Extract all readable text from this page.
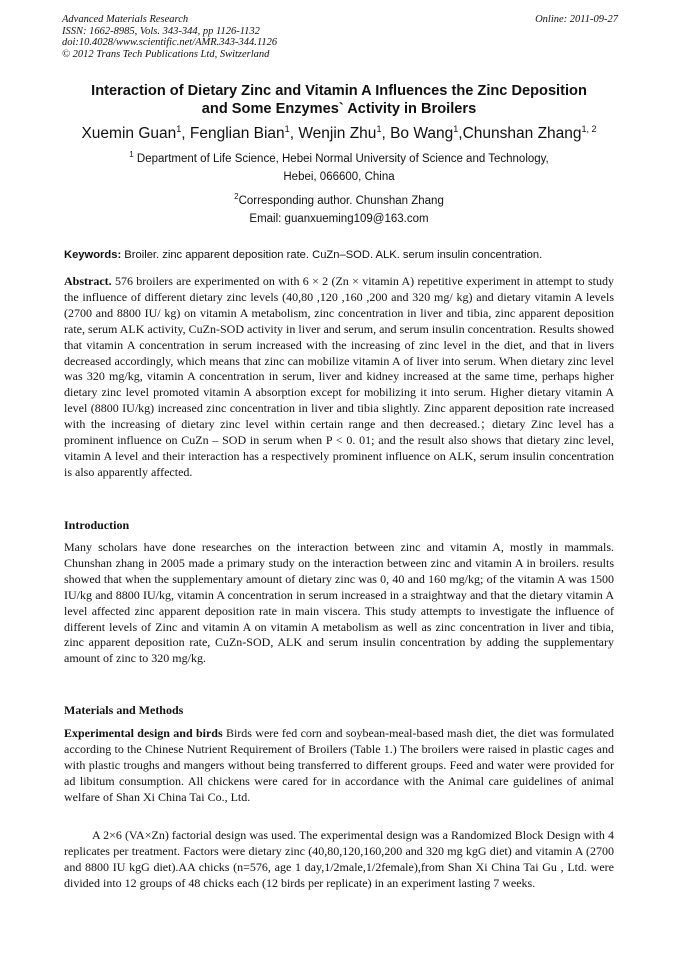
Advanced Materials Research
ISSN: 1662-8985, Vols. 343-344, pp 1126-1132
doi:10.4028/www.scientific.net/AMR.343-344.1126
© 2012 Trans Tech Publications Ltd, Switzerland
Online: 2011-09-27
Interaction of Dietary Zinc and Vitamin A Influences the Zinc Deposition
and Some Enzymes` Activity in Broilers
Xuemin Guan$^1$, Fenglian Bian$^1$, Wenjin Zhu$^1$, Bo Wang$^1$,Chunshan Zhang$^{1, 2}$
$^1$ Department of Life Science, Hebei Normal University of Science and Technology,
Hebei, 066600, China
$^2$Corresponding author. Chunshan Zhang
Email: guanxueming109@163.com
Keywords: Broiler. zinc apparent deposition rate. CuZn–SOD. ALK. serum insulin concentration.

Abstract. 576 broilers are experimented on with 6 × 2 (Zn × vitamin A) repetitive experiment in attempt to study the influence of different dietary zinc levels (40,80 ,120 ,160 ,200 and 320 mg/ kg) and dietary vitamin A levels (2700 and 8800 IU/ kg) on vitamin A metabolism, zinc concentration in liver and tibia, zinc apparent deposition rate, serum ALK activity, CuZn-SOD activity in liver and serum, and serum insulin concentration. Results showed that vitamin A concentration in serum increased with the increasing of zinc level in the diet, and that in livers decreased accordingly, which means that zinc can mobilize vitamin A of liver into serum. When dietary zinc level was 320 mg/kg, vitamin A concentration in serum, liver and kidney increased at the same time, perhaps higher dietary zinc level promoted vitamin A absorption except for mobilizing it into serum. Higher dietary vitamin A level (8800 IU/kg) increased zinc concentration in liver and tibia slightly. Zinc apparent deposition rate increased with the increasing of dietary zinc level within certain range and then decreased.；dietary Zinc level has a prominent influence on CuZn – SOD in serum when P < 0. 01; and the result also shows that dietary zinc level, vitamin A level and their interaction has a respectively prominent influence on ALK, serum insulin concentration is also apparently affected.

Introduction

Many scholars have done researches on the interaction between zinc and vitamin A, mostly in mammals. Chunshan zhang in 2005 made a primary study on the interaction between zinc and vitamin A in broilers. results showed that when the supplementary amount of dietary zinc was 0, 40 and 160 mg/kg; of the vitamin A was 1500 IU/kg and 8800 IU/kg, vitamin A concentration in serum increased in a straightway and that the dietary vitamin A level affected zinc apparent deposition rate in main viscera. This study attempts to investigate the influence of different levels of Zinc and vitamin A on vitamin A metabolism as well as zinc concentration in liver and tibia, zinc apparent deposition rate, CuZn-SOD, ALK and serum insulin concentration by adding the supplementary amount of zinc to 320 mg/kg.

Materials and Methods

Experimental design and birds Birds were fed corn and soybean-meal-based mash diet, the diet was formulated according to the Chinese Nutrient Requirement of Broilers (Table 1.) The broilers were raised in plastic cages and with plastic troughs and mangers without being transferred to different groups. Feed and water were provided for ad libitum consumption. All chickens were cared for in accordance with the Animal care guidelines of animal welfare of Shan Xi China Tai Co., Ltd.

A 2×6 (VA×Zn) factorial design was used. The experimental design was a Randomized Block Design with 4 replicates per treatment. Factors were dietary zinc (40,80,120,160,200 and 320 mg kgG diet) and vitamin A (2700 and 8800 IU kgG diet).AA chicks (n=576, age 1 day,1/2male,1/2female),from Shan Xi China Tai Gu , Ltd. were divided into 12 groups of 48 chicks each (12 birds per replicate) in an experiment lasting 7 weeks.
